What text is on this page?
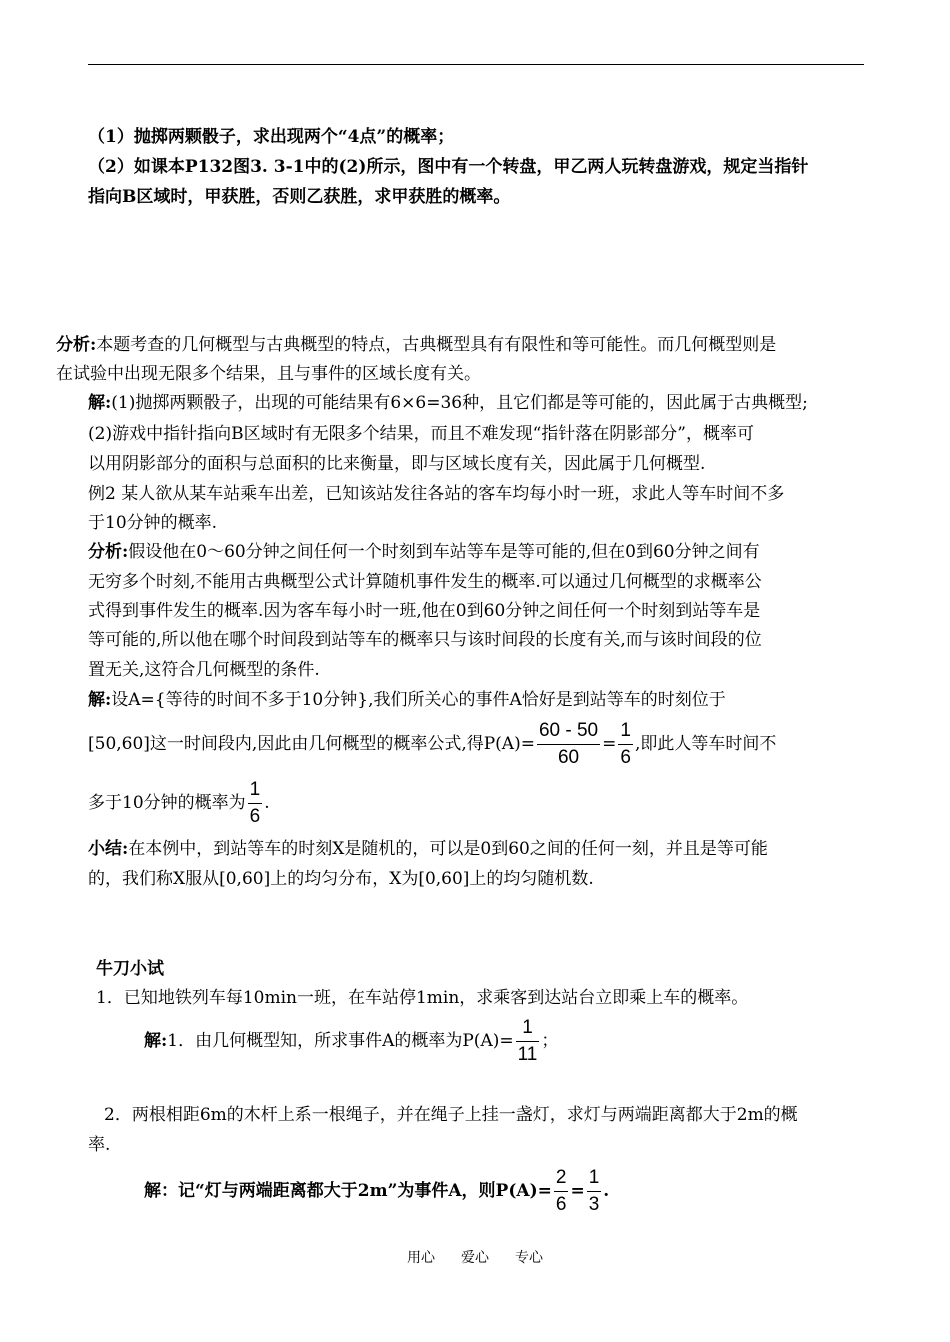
（1）抛掷两颗骰子，求出现两个“4点”的概率；
（2）如课本P132图3. 3-1中的(2)所示，图中有一个转盘，甲乙两人玩转盘游戏，规定当指针
指向B区域时，甲获胜，否则乙获胜，求甲获胜的概率。
分析:本题考查的几何概型与古典概型的特点，古典概型具有有限性和等可能性。而几何概型则是
在试验中出现无限多个结果，且与事件的区域长度有关。
解:(1)抛掷两颗骰子，出现的可能结果有6×6=36种，且它们都是等可能的，因此属于古典概型;
(2)游戏中指针指向B区域时有无限多个结果，而且不难发现“指针落在阴影部分”，概率可
以用阴影部分的面积与总面积的比来衡量，即与区域长度有关，因此属于几何概型.
例2 某人欲从某车站乘车出差，已知该站发往各站的客车均每小时一班，求此人等车时间不多
于10分钟的概率.
分析:假设他在0～60分钟之间任何一个时刻到车站等车是等可能的,但在0到60分钟之间有
无穷多个时刻,不能用古典概型公式计算随机事件发生的概率.可以通过几何概型的求概率公
式得到事件发生的概率.因为客车每小时一班,他在0到60分钟之间任何一个时刻到站等车是
等可能的,所以他在哪个时间段到站等车的概率只与该时间段的长度有关,而与该时间段的位
置无关,这符合几何概型的条件.
解:设A={等待的时间不多于10分钟},我们所关心的事件A恰好是到站等车的时刻位于
[50,60]这一时间段内,因此由几何概型的概率公式,得$P(A)= \frac{60 - 50}{60} = \frac{1}{6}$ ,即此人等车时间不
多于10分钟的概率为 $\frac{1}{6}$ .
小结:在本例中，到站等车的时刻X是随机的，可以是0到60之间的任何一刻，并且是等可能
的，我们称X服从[0,60]上的均匀分布，X为[0,60]上的均匀随机数.
牛刀小试
1．已知地铁列车每10min一班，在车站停1min，求乘客到达站台立即乘上车的概率。
解:1．由几何概型知，所求事件A的概率为$P(A)= \frac{1}{11}$ ；
2．两根相距6m的木杆上系一根绳子，并在绳子上挂一盏灯，求灯与两端距离都大于2m的概
率.
解：记“灯与两端距离都大于2m”为事件A，则$P(A)= \frac{2}{6} = \frac{1}{3}$ .
用心 爱心 专心
